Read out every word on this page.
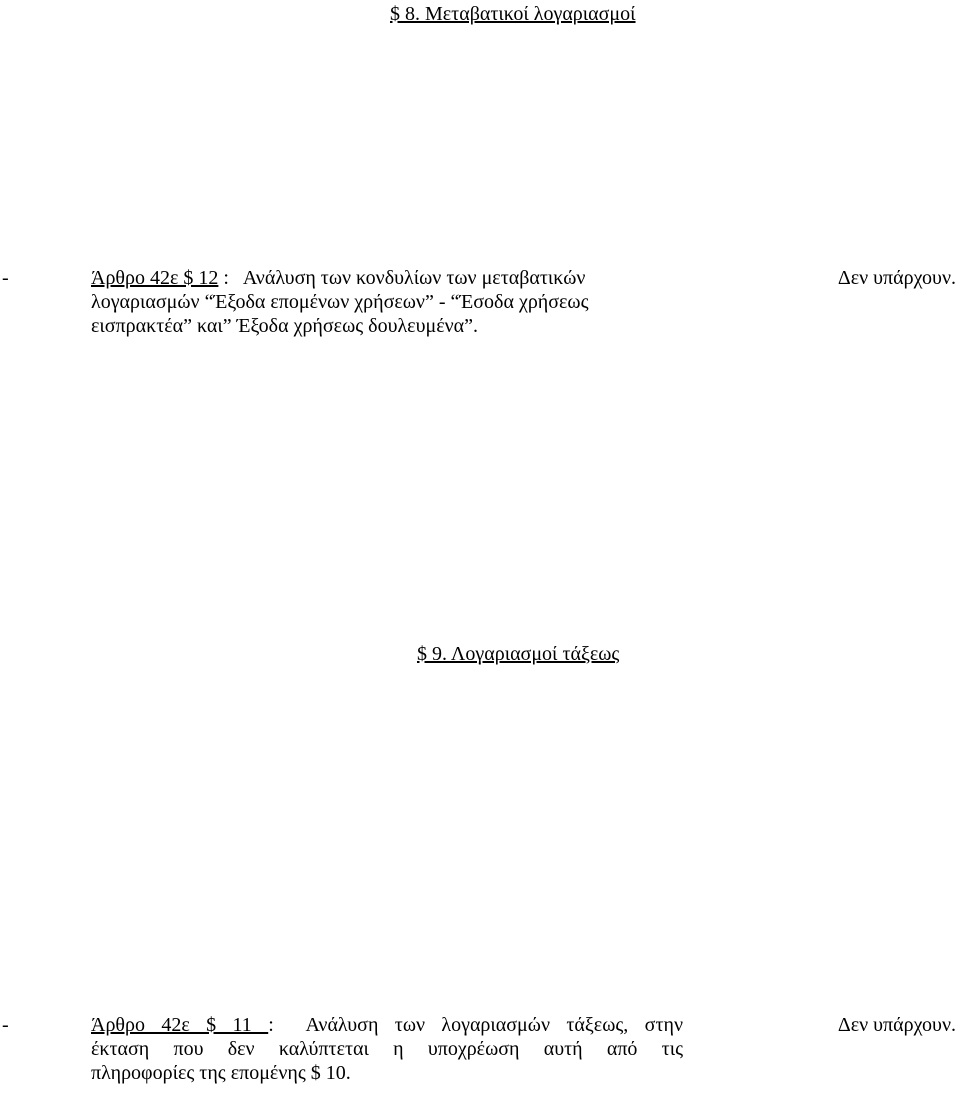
$ 8. Μεταβατικοί λογαριασμοί
-	Άρθρο 42ε $ 12 :   Ανάλυση των κονδυλίων των μεταβατικών
λογαριασμών “Έξοδα επομένων χρήσεων” - “Έσοδα χρήσεως
εισπρακτέα” και” Έξοδα χρήσεως δουλευμένα”.
Δεν υπάρχουν.
$ 9. Λογαριασμοί τάξεως
-	Άρθρο 42ε $ 11 :  Ανάλυση των λογαριασμών τάξεως, στην
έκταση που δεν καλύπτεται η υποχρέωση αυτή από τις
πληροφορίες της επομένης $ 10.
Δεν υπάρχουν.
